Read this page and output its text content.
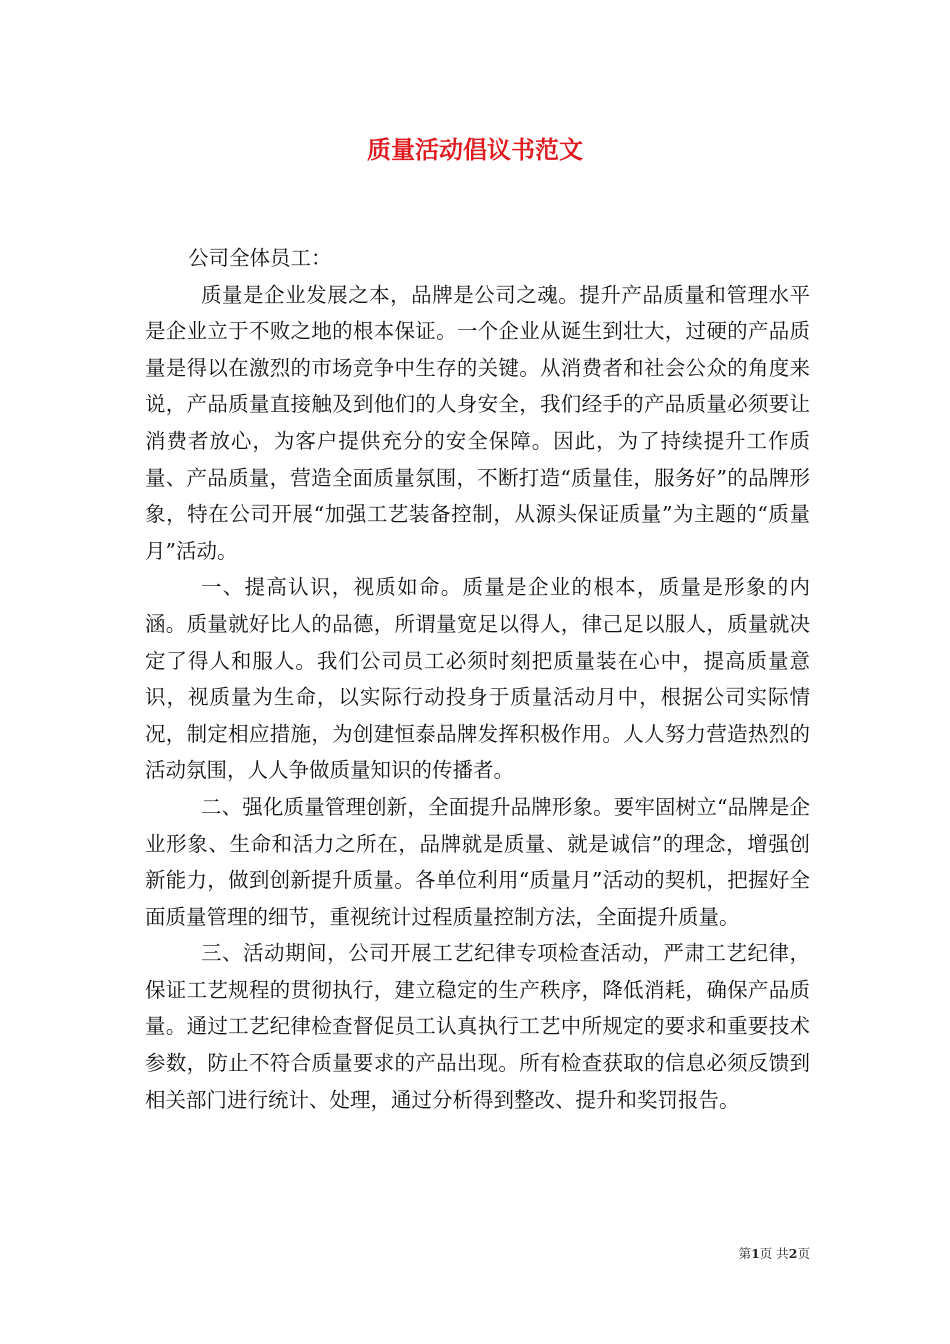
质量活动倡议书范文

公司全体员工：

质量是企业发展之本，品牌是公司之魂。提升产品质量和管理水平是企业立于不败之地的根本保证。一个企业从诞生到壮大，过硬的产品质量是得以在激烈的市场竞争中生存的关键。从消费者和社会公众的角度来说，产品质量直接触及到他们的人身安全，我们经手的产品质量必须要让消费者放心，为客户提供充分的安全保障。因此，为了持续提升工作质量、产品质量，营造全面质量氛围，不断打造“质量佳，服务好”的品牌形象，特在公司开展“加强工艺装备控制，从源头保证质量”为主题的“质量月”活动。

一、提高认识，视质如命。质量是企业的根本，质量是形象的内涵。质量就好比人的品德，所谓量宽足以得人，律己足以服人，质量就决定了得人和服人。我们公司员工必须时刻把质量装在心中，提高质量意识，视质量为生命，以实际行动投身于质量活动月中，根据公司实际情况，制定相应措施，为创建恒泰品牌发挥积极作用。人人努力营造热烈的活动氛围，人人争做质量知识的传播者。

二、强化质量管理创新，全面提升品牌形象。要牢固树立“品牌是企业形象、生命和活力之所在，品牌就是质量、就是诚信”的理念，增强创新能力，做到创新提升质量。各单位利用“质量月”活动的契机，把握好全面质量管理的细节，重视统计过程质量控制方法，全面提升质量。

三、活动期间，公司开展工艺纪律专项检查活动，严肃工艺纪律，保证工艺规程的贯彻执行，建立稳定的生产秩序，降低消耗，确保产品质量。通过工艺纪律检查督促员工认真执行工艺中所规定的要求和重要技术参数，防止不符合质量要求的产品出现。所有检查获取的信息必须反馈到相关部门进行统计、处理，通过分析得到整改、提升和奖罚报告。

第1页 共2页
